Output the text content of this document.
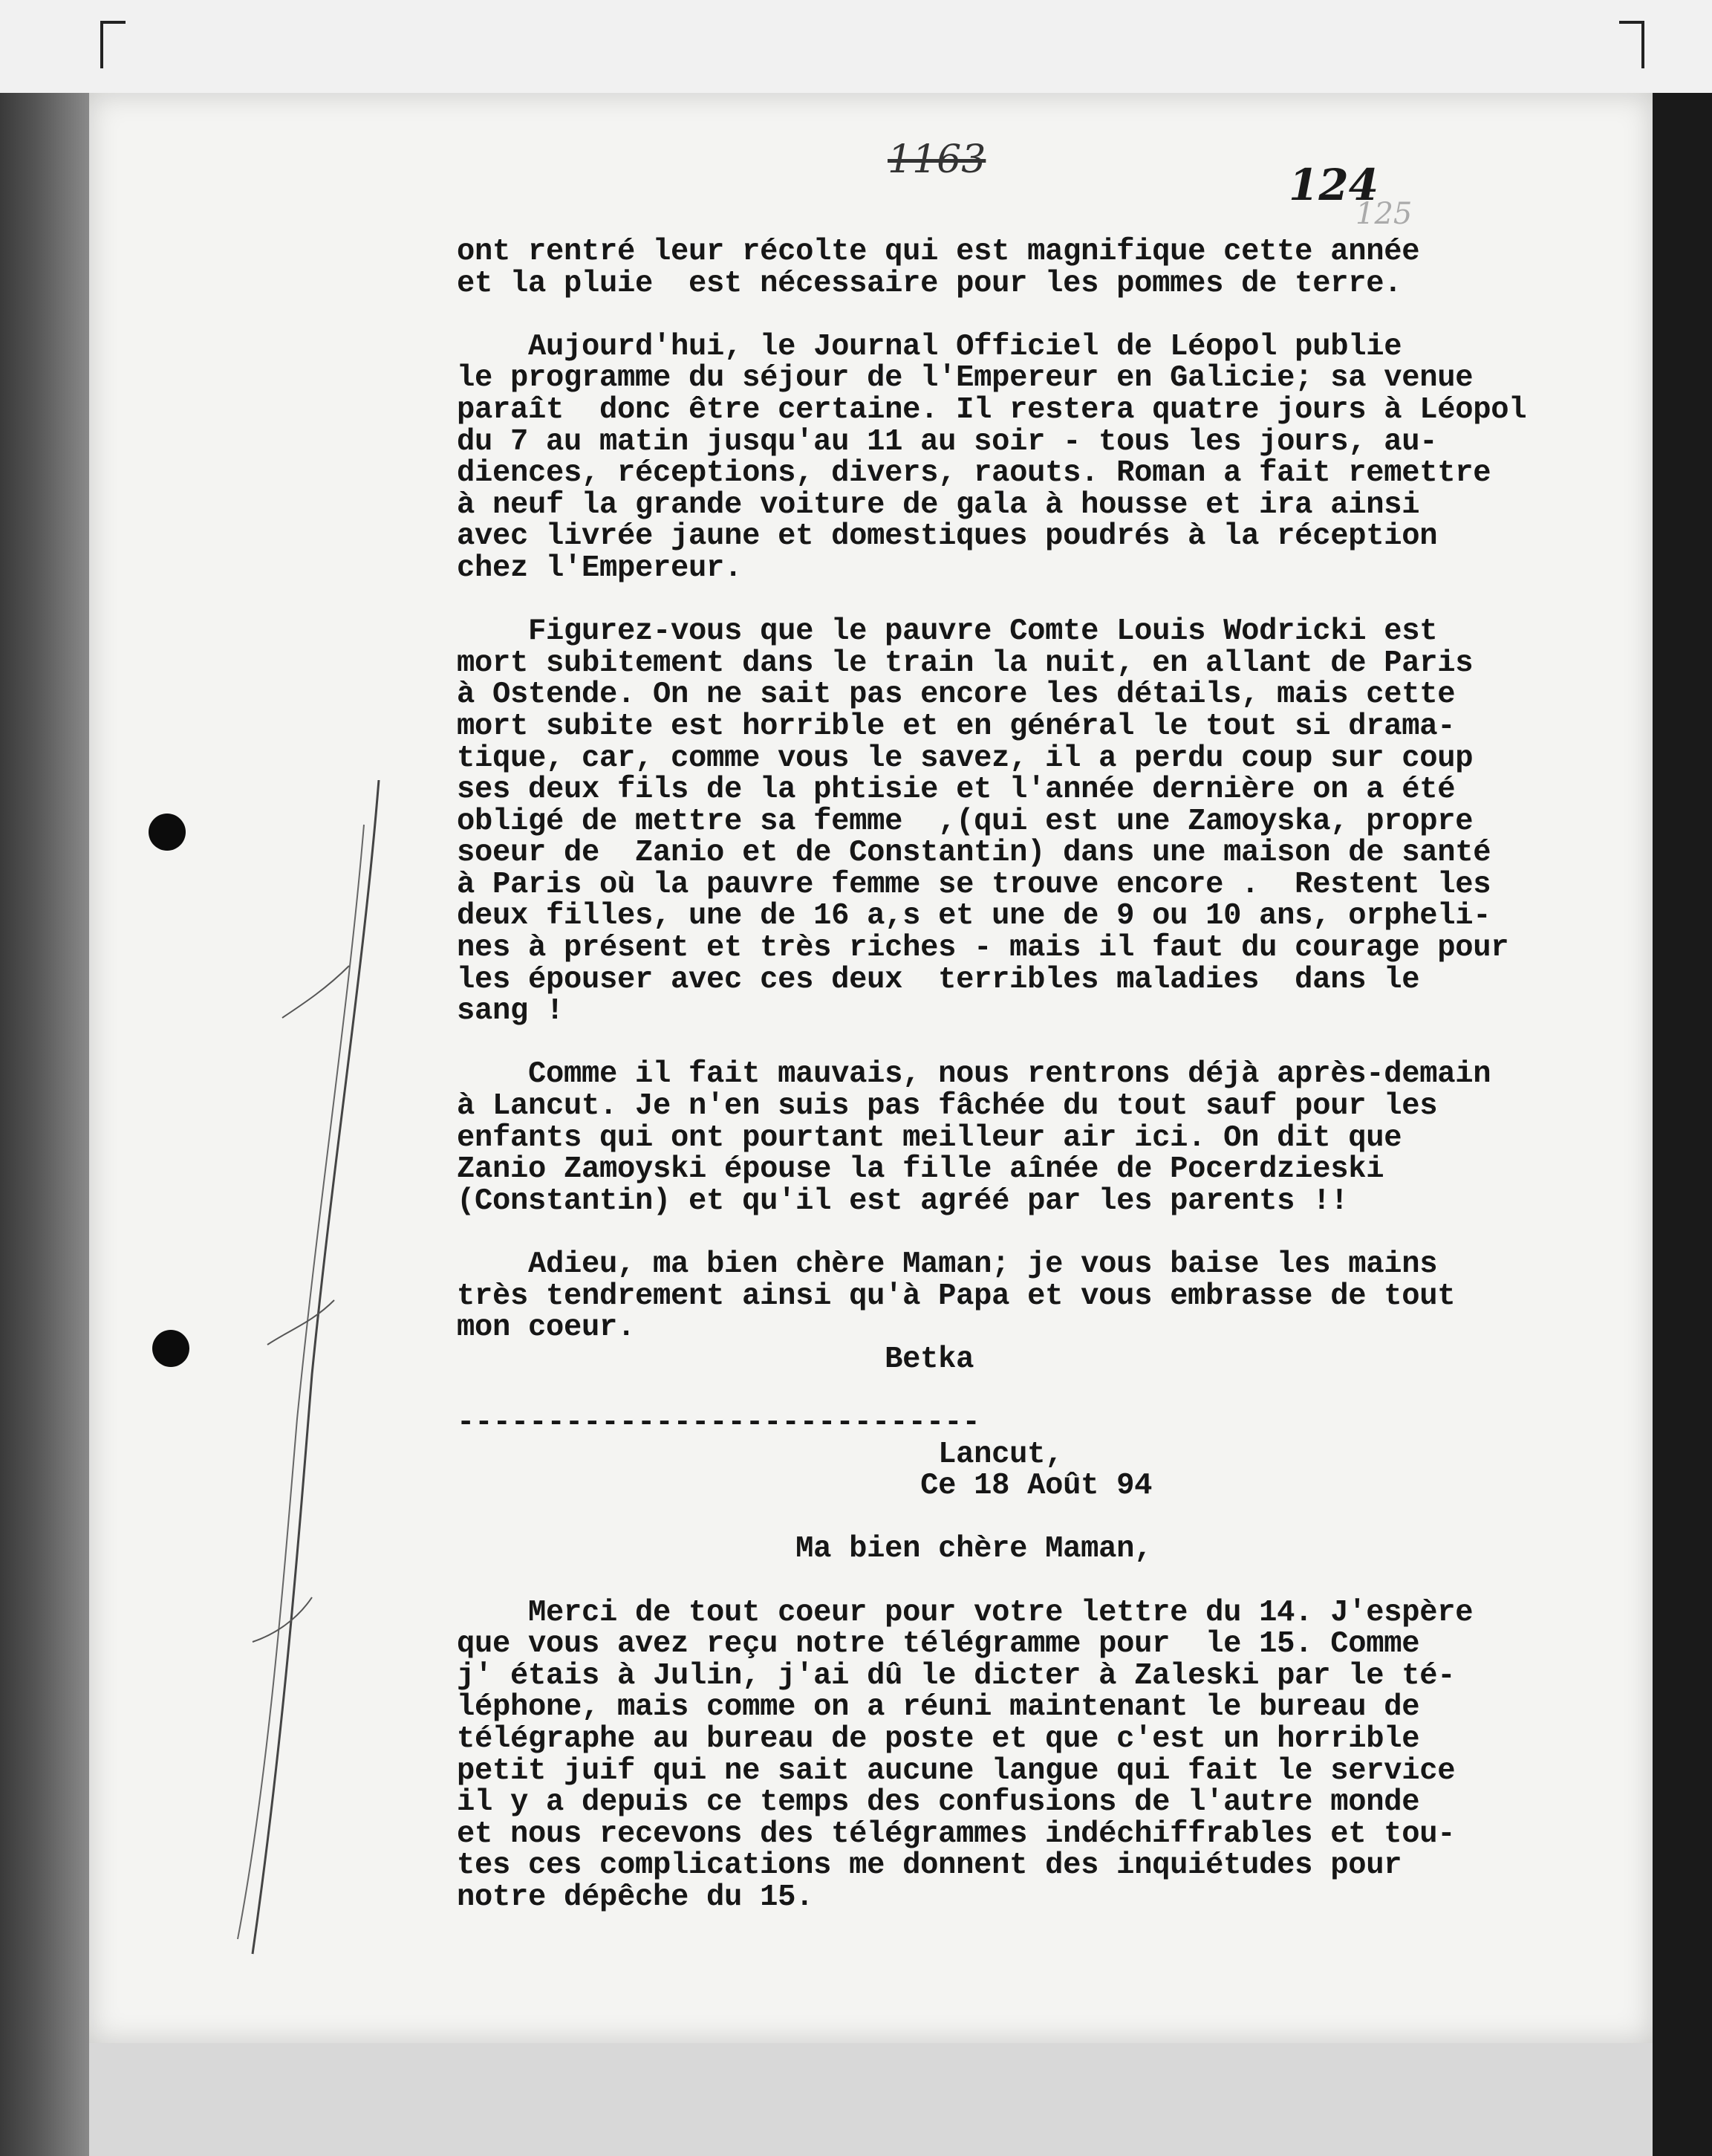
1163	124
125
ont rentré leur récolte qui est magnifique cette année
et la pluie  est nécessaire pour les pommes de terre.
Aujourd'hui, le Journal Officiel de Léopol publie
le programme du séjour de l'Empereur en Galicie; sa venue
paraît  donc être certaine. Il restera quatre jours à Léopol
du 7 au matin jusqu'au 11 au soir - tous les jours, au-
diences, réceptions, divers, raouts. Roman a fait remettre
à neuf la grande voiture de gala à housse et ira ainsi
avec livrée jaune et domestiques poudrés à la réception
chez l'Empereur.
Figurez-vous que le pauvre Comte Louis Wodricki est
mort subitement dans le train la nuit, en allant de Paris
à Ostende. On ne sait pas encore les détails, mais cette
mort subite est horrible et en général le tout si drama-
tique, car, comme vous le savez, il a perdu coup sur coup
ses deux fils de la phtisie et l'année dernière on a été
obligé de mettre sa femme  ,(qui est une Zamoyska, propre
soeur de  Zanio et de Constantin) dans une maison de santé
à Paris où la pauvre femme se trouve encore .  Restent les
deux filles, une de 16 a,s et une de 9 ou 10 ans, orpheli-
nes à présent et très riches - mais il faut du courage pour
les épouser avec ces deux  terribles maladies  dans le
sang !
Comme il fait mauvais, nous rentrons déjà après-demain
à Lancut. Je n'en suis pas fâchée du tout sauf pour les
enfants qui ont pourtant meilleur air ici. On dit que
Zanio Zamoyski épouse la fille aînée de Pocerdzieski
(Constantin) et qu'il est agréé par les parents !!
Adieu, ma bien chère Maman; je vous baise les mains
très tendrement ainsi qu'à Papa et vous embrasse de tout
mon coeur.
Betka
-----------------------------
Lancut,
Ce 18 Août 94
Ma bien chère Maman,
Merci de tout coeur pour votre lettre du 14. J'espère
que vous avez reçu notre télégramme pour  le 15. Comme
j' étais à Julin, j'ai dû le dicter à Zaleski par le té-
léphone, mais comme on a réuni maintenant le bureau de
télégraphe au bureau de poste et que c'est un horrible
petit juif qui ne sait aucune langue qui fait le service
il y a depuis ce temps des confusions de l'autre monde
et nous recevons des télégrammes indéchiffrables et tou-
tes ces complications me donnent des inquiétudes pour
notre dépêche du 15.
